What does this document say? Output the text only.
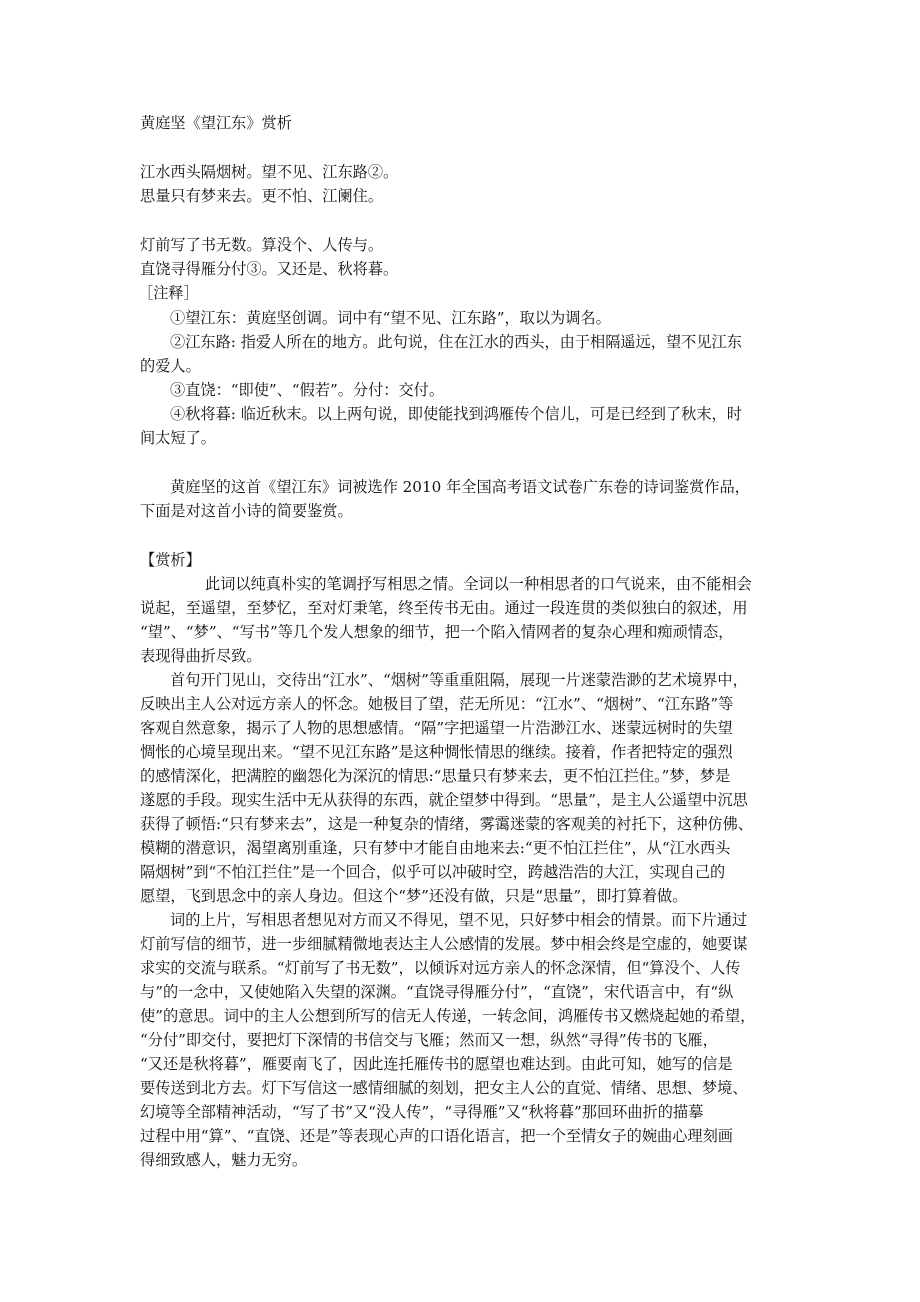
黄庭坚《望江东》赏析
江水西头隔烟树。望不见、江东路②。
思量只有梦来去。更不怕、江阑住。
灯前写了书无数。算没个、人传与。
直饶寻得雁分付③。又还是、秋将暮。
［注释］
①望江东：黄庭坚创调。词中有“望不见、江东路”，取以为调名。
②江东路: 指爱人所在的地方。此句说，住在江水的西头，由于相隔遥远，望不见江东
的爱人。
③直饶：“即使”、“假若”。分付：交付。
④秋将暮: 临近秋末。以上两句说，即使能找到鸿雁传个信儿，可是已经到了秋末，时
间太短了。
黄庭坚的这首《望江东》词被选作 2010 年全国高考语文试卷广东卷的诗词鉴赏作品，
下面是对这首小诗的简要鉴赏。
【赏析】
此词以纯真朴实的笔调抒写相思之情。全词以一种相思者的口气说来，由不能相会
说起，至遥望，至梦忆，至对灯秉笔，终至传书无由。通过一段连贯的类似独白的叙述，用
“望”、“梦”、“写书”等几个发人想象的细节，把一个陷入情网者的复杂心理和痴顽情态，
表现得曲折尽致。
首句开门见山，交待出“江水”、“烟树”等重重阻隔，展现一片迷蒙浩渺的艺术境界中，
反映出主人公对远方亲人的怀念。她极目了望，茫无所见：“江水”、“烟树”、“江东路”等
客观自然意象，揭示了人物的思想感情。“隔”字把遥望一片浩渺江水、迷蒙远树时的失望
惆怅的心境呈现出来。“望不见江东路”是这种惆怅情思的继续。接着，作者把特定的强烈
的感情深化，把满腔的幽怨化为深沉的情思:“思量只有梦来去，更不怕江拦住。”梦，梦是
遂愿的手段。现实生活中无从获得的东西，就企望梦中得到。“思量”，是主人公遥望中沉思
获得了顿悟:“只有梦来去”，这是一种复杂的情绪，雾霭迷蒙的客观美的衬托下，这种仿佛、
模糊的潜意识，渴望离别重逢，只有梦中才能自由地来去:“更不怕江拦住”，从“江水西头
隔烟树”到“不怕江拦住”是一个回合，似乎可以冲破时空，跨越浩浩的大江，实现自己的
愿望，飞到思念中的亲人身边。但这个“梦”还没有做，只是“思量”，即打算着做。
词的上片，写相思者想见对方而又不得见，望不见，只好梦中相会的情景。而下片通过
灯前写信的细节，进一步细腻精微地表达主人公感情的发展。梦中相会终是空虚的，她要谋
求实的交流与联系。“灯前写了书无数”，以倾诉对远方亲人的怀念深情，但“算没个、人传
与”的一念中，又使她陷入失望的深渊。“直饶寻得雁分付”，“直饶”，宋代语言中，有“纵
使”的意思。词中的主人公想到所写的信无人传递，一转念间，鸿雁传书又燃烧起她的希望，
“分付”即交付，要把灯下深情的书信交与飞雁；然而又一想，纵然“寻得”传书的飞雁，
“又还是秋将暮”，雁要南飞了，因此连托雁传书的愿望也难达到。由此可知，她写的信是
要传送到北方去。灯下写信这一感情细腻的刻划，把女主人公的直觉、情绪、思想、梦境、
幻境等全部精神活动，“写了书”又“没人传”，“寻得雁”又“秋将暮”那回环曲折的描摹
过程中用“算”、“直饶、还是”等表现心声的口语化语言，把一个至情女子的婉曲心理刻画
得细致感人，魅力无穷。
